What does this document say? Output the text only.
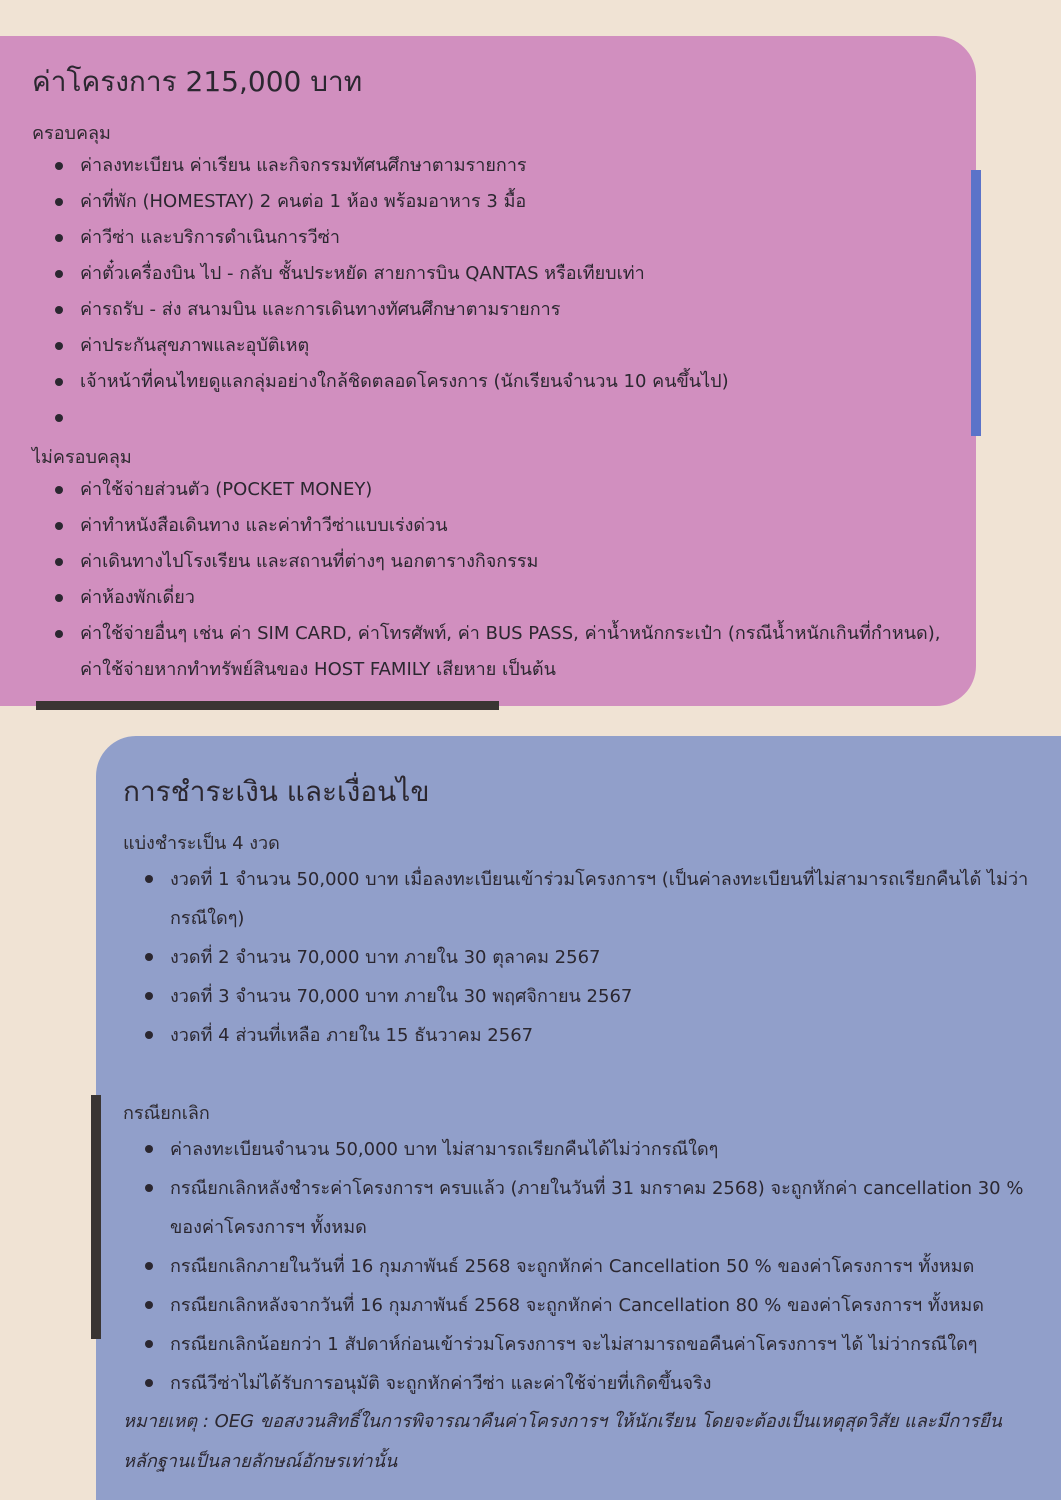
ค่าโครงการ 215,000 บาท

ครอบคลุม

ค่าลงทะเบียน ค่าเรียน และกิจกรรมทัศนศึกษาตามรายการ
ค่าที่พัก (HOMESTAY) 2 คนต่อ 1 ห้อง พร้อมอาหาร 3 มื้อ
ค่าวีซ่า และบริการดำเนินการวีซ่า
ค่าตั๋วเครื่องบิน ไป - กลับ ชั้นประหยัด สายการบิน QANTAS หรือเทียบเท่า
ค่ารถรับ - ส่ง สนามบิน และการเดินทางทัศนศึกษาตามรายการ
ค่าประกันสุขภาพและอุบัติเหตุ
เจ้าหน้าที่คนไทยดูแลกลุ่มอย่างใกล้ชิดตลอดโครงการ (นักเรียนจำนวน 10 คนขึ้นไป)

ไม่ครอบคลุม

ค่าใช้จ่ายส่วนตัว (POCKET MONEY)
ค่าทำหนังสือเดินทาง และค่าทำวีซ่าแบบเร่งด่วน
ค่าเดินทางไปโรงเรียน และสถานที่ต่างๆ นอกตารางกิจกรรม
ค่าห้องพักเดี่ยว
ค่าใช้จ่ายอื่นๆ เช่น ค่า SIM CARD, ค่าโทรศัพท์, ค่า BUS PASS, ค่าน้ำหนักกระเป๋า (กรณีน้ำหนักเกินที่กำหนด), ค่าใช้จ่ายหากทำทรัพย์สินของ HOST FAMILY เสียหาย เป็นต้น
การชำระเงิน และเงื่อนไข

แบ่งชำระเป็น 4 งวด

งวดที่ 1 จำนวน 50,000 บาท เมื่อลงทะเบียนเข้าร่วมโครงการฯ (เป็นค่าลงทะเบียนที่ไม่สามารถเรียกคืนได้ ไม่ว่ากรณีใดๆ)
งวดที่ 2 จำนวน 70,000 บาท ภายใน 30 ตุลาคม 2567
งวดที่ 3 จำนวน 70,000 บาท ภายใน 30 พฤศจิกายน 2567
งวดที่ 4 ส่วนที่เหลือ ภายใน 15 ธันวาคม 2567

กรณียกเลิก

ค่าลงทะเบียนจำนวน 50,000 บาท ไม่สามารถเรียกคืนได้ไม่ว่ากรณีใดๆ
กรณียกเลิกหลังชำระค่าโครงการฯ ครบแล้ว (ภายในวันที่ 31 มกราคม 2568) จะถูกหักค่า cancellation 30 % ของค่าโครงการฯ ทั้งหมด
กรณียกเลิกภายในวันที่ 16 กุมภาพันธ์ 2568 จะถูกหักค่า Cancellation 50 % ของค่าโครงการฯ ทั้งหมด
กรณียกเลิกหลังจากวันที่ 16 กุมภาพันธ์ 2568 จะถูกหักค่า Cancellation 80 % ของค่าโครงการฯ ทั้งหมด
กรณียกเลิกน้อยกว่า 1 สัปดาห์ก่อนเข้าร่วมโครงการฯ จะไม่สามารถขอคืนค่าโครงการฯ ได้ ไม่ว่ากรณีใดๆ
กรณีวีซ่าไม่ได้รับการอนุมัติ จะถูกหักค่าวีซ่า และค่าใช้จ่ายที่เกิดขึ้นจริง

หมายเหตุ : OEG ขอสงวนสิทธิ์ในการพิจารณาคืนค่าโครงการฯ ให้นักเรียน โดยจะต้องเป็นเหตุสุดวิสัย และมีการยืนหลักฐานเป็นลายลักษณ์อักษรเท่านั้น
